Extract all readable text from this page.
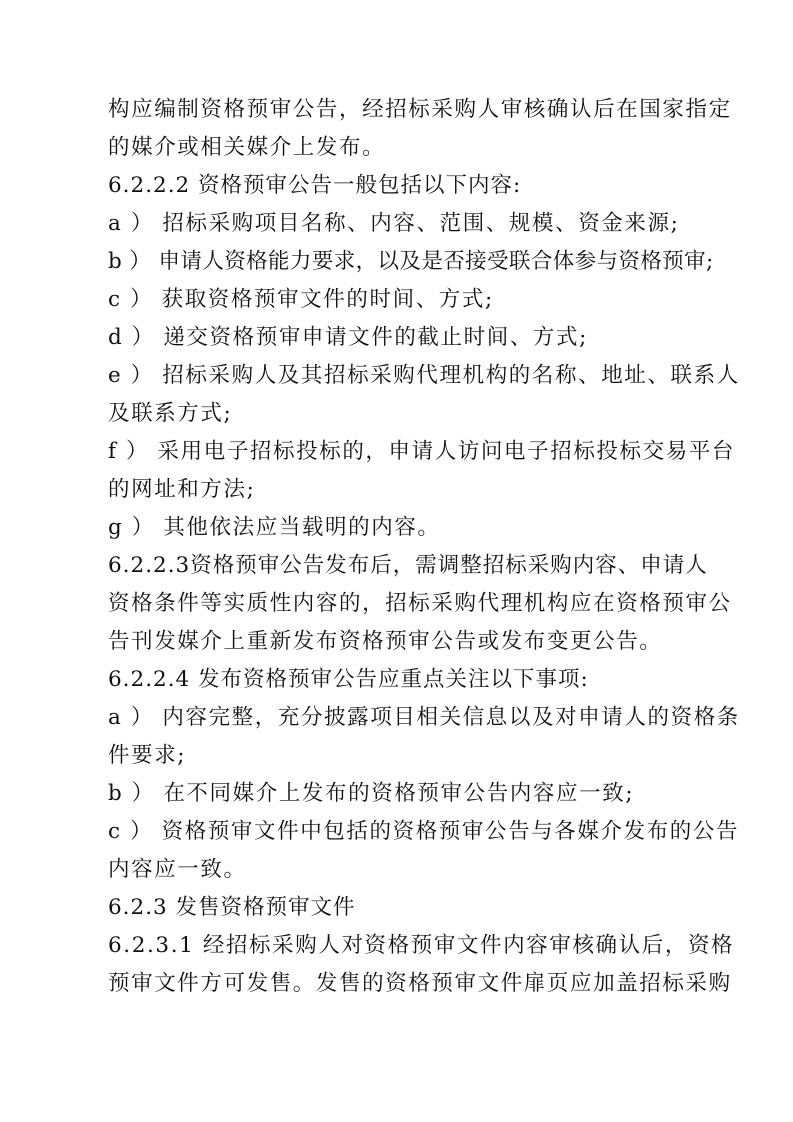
构应编制资格预审公告，经招标采购人审核确认后在国家指定
的媒介或相关媒介上发布。
6.2.2.2 资格预审公告一般包括以下内容:
a ） 招标采购项目名称、内容、范围、规模、资金来源;
b ） 申请人资格能力要求，以及是否接受联合体参与资格预审;
c ） 获取资格预审文件的时间、方式;
d ） 递交资格预审申请文件的截止时间、方式;
e ） 招标采购人及其招标采购代理机构的名称、地址、联系人
及联系方式;
f ） 采用电子招标投标的，申请人访问电子招标投标交易平台
的网址和方法;
g ） 其他依法应当载明的内容。
6.2.2.3资格预审公告发布后，需调整招标采购内容、申请人
资格条件等实质性内容的，招标采购代理机构应在资格预审公
告刊发媒介上重新发布资格预审公告或发布变更公告。
6.2.2.4 发布资格预审公告应重点关注以下事项:
a ） 内容完整，充分披露项目相关信息以及对申请人的资格条
件要求;
b ） 在不同媒介上发布的资格预审公告内容应一致;
c ） 资格预审文件中包括的资格预审公告与各媒介发布的公告
内容应一致。
6.2.3 发售资格预审文件
6.2.3.1 经招标采购人对资格预审文件内容审核确认后，资格
预审文件方可发售。发售的资格预审文件扉页应加盖招标采购
